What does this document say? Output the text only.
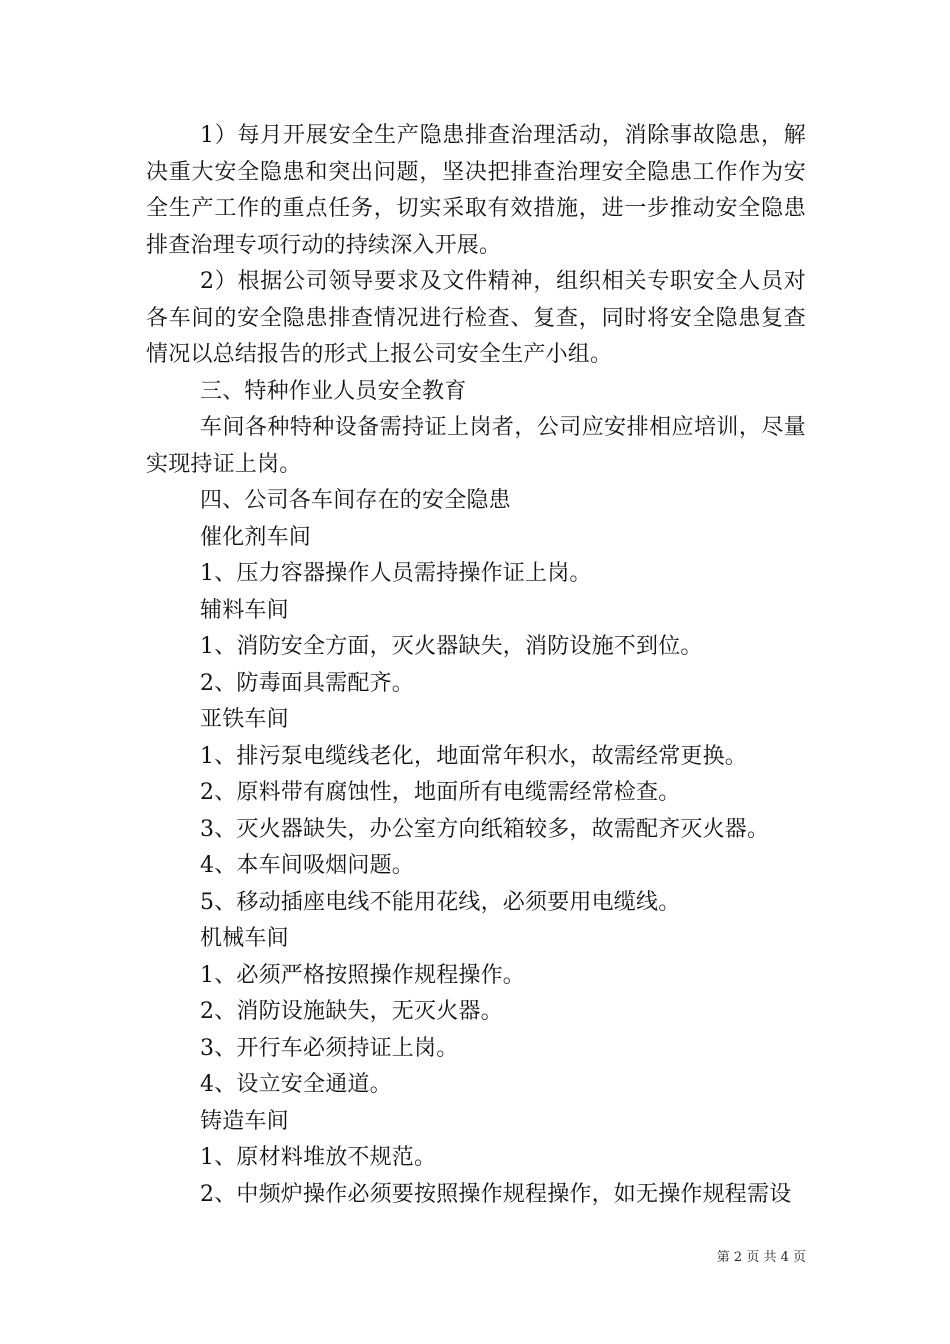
1）每月开展安全生产隐患排查治理活动，消除事故隐患，解决重大安全隐患和突出问题，坚决把排查治理安全隐患工作作为安全生产工作的重点任务，切实采取有效措施，进一步推动安全隐患排查治理专项行动的持续深入开展。

2）根据公司领导要求及文件精神，组织相关专职安全人员对各车间的安全隐患排查情况进行检查、复查，同时将安全隐患复查情况以总结报告的形式上报公司安全生产小组。

三、特种作业人员安全教育

车间各种特种设备需持证上岗者，公司应安排相应培训，尽量实现持证上岗。

四、公司各车间存在的安全隐患

催化剂车间

1、压力容器操作人员需持操作证上岗。

辅料车间

1、消防安全方面，灭火器缺失，消防设施不到位。

2、防毒面具需配齐。

亚铁车间

1、排污泵电缆线老化，地面常年积水，故需经常更换。

2、原料带有腐蚀性，地面所有电缆需经常检查。

3、灭火器缺失，办公室方向纸箱较多，故需配齐灭火器。

4、本车间吸烟问题。

5、移动插座电线不能用花线，必须要用电缆线。

机械车间

1、必须严格按照操作规程操作。

2、消防设施缺失，无灭火器。

3、开行车必须持证上岗。

4、设立安全通道。

铸造车间

1、原材料堆放不规范。

2、中频炉操作必须要按照操作规程操作，如无操作规程需设

第 2 页 共 4 页
